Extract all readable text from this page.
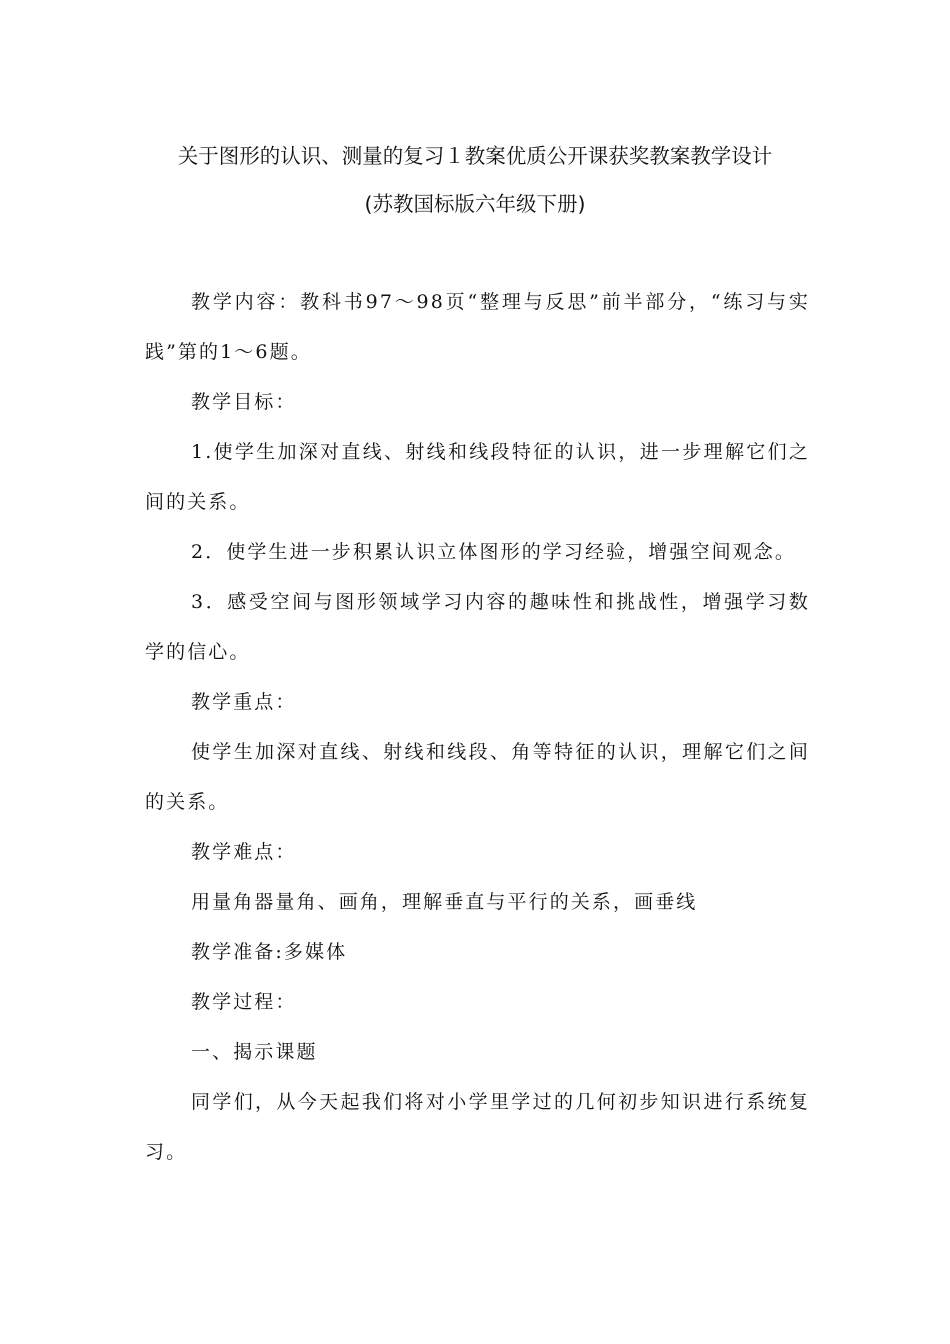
关于图形的认识、测量的复习１教案优质公开课获奖教案教学设计
(苏教国标版六年级下册)

教学内容：教科书97～98页“整理与反思”前半部分，“练习与实践”第的1～6题。

教学目标：

1.使学生加深对直线、射线和线段特征的认识，进一步理解它们之间的关系。

2．使学生进一步积累认识立体图形的学习经验，增强空间观念。

3．感受空间与图形领域学习内容的趣味性和挑战性，增强学习数学的信心。

教学重点：

使学生加深对直线、射线和线段、角等特征的认识，理解它们之间的关系。

教学难点：

用量角器量角、画角，理解垂直与平行的关系，画垂线

教学准备:多媒体

教学过程：

一、揭示课题

同学们，从今天起我们将对小学里学过的几何初步知识进行系统复习。
